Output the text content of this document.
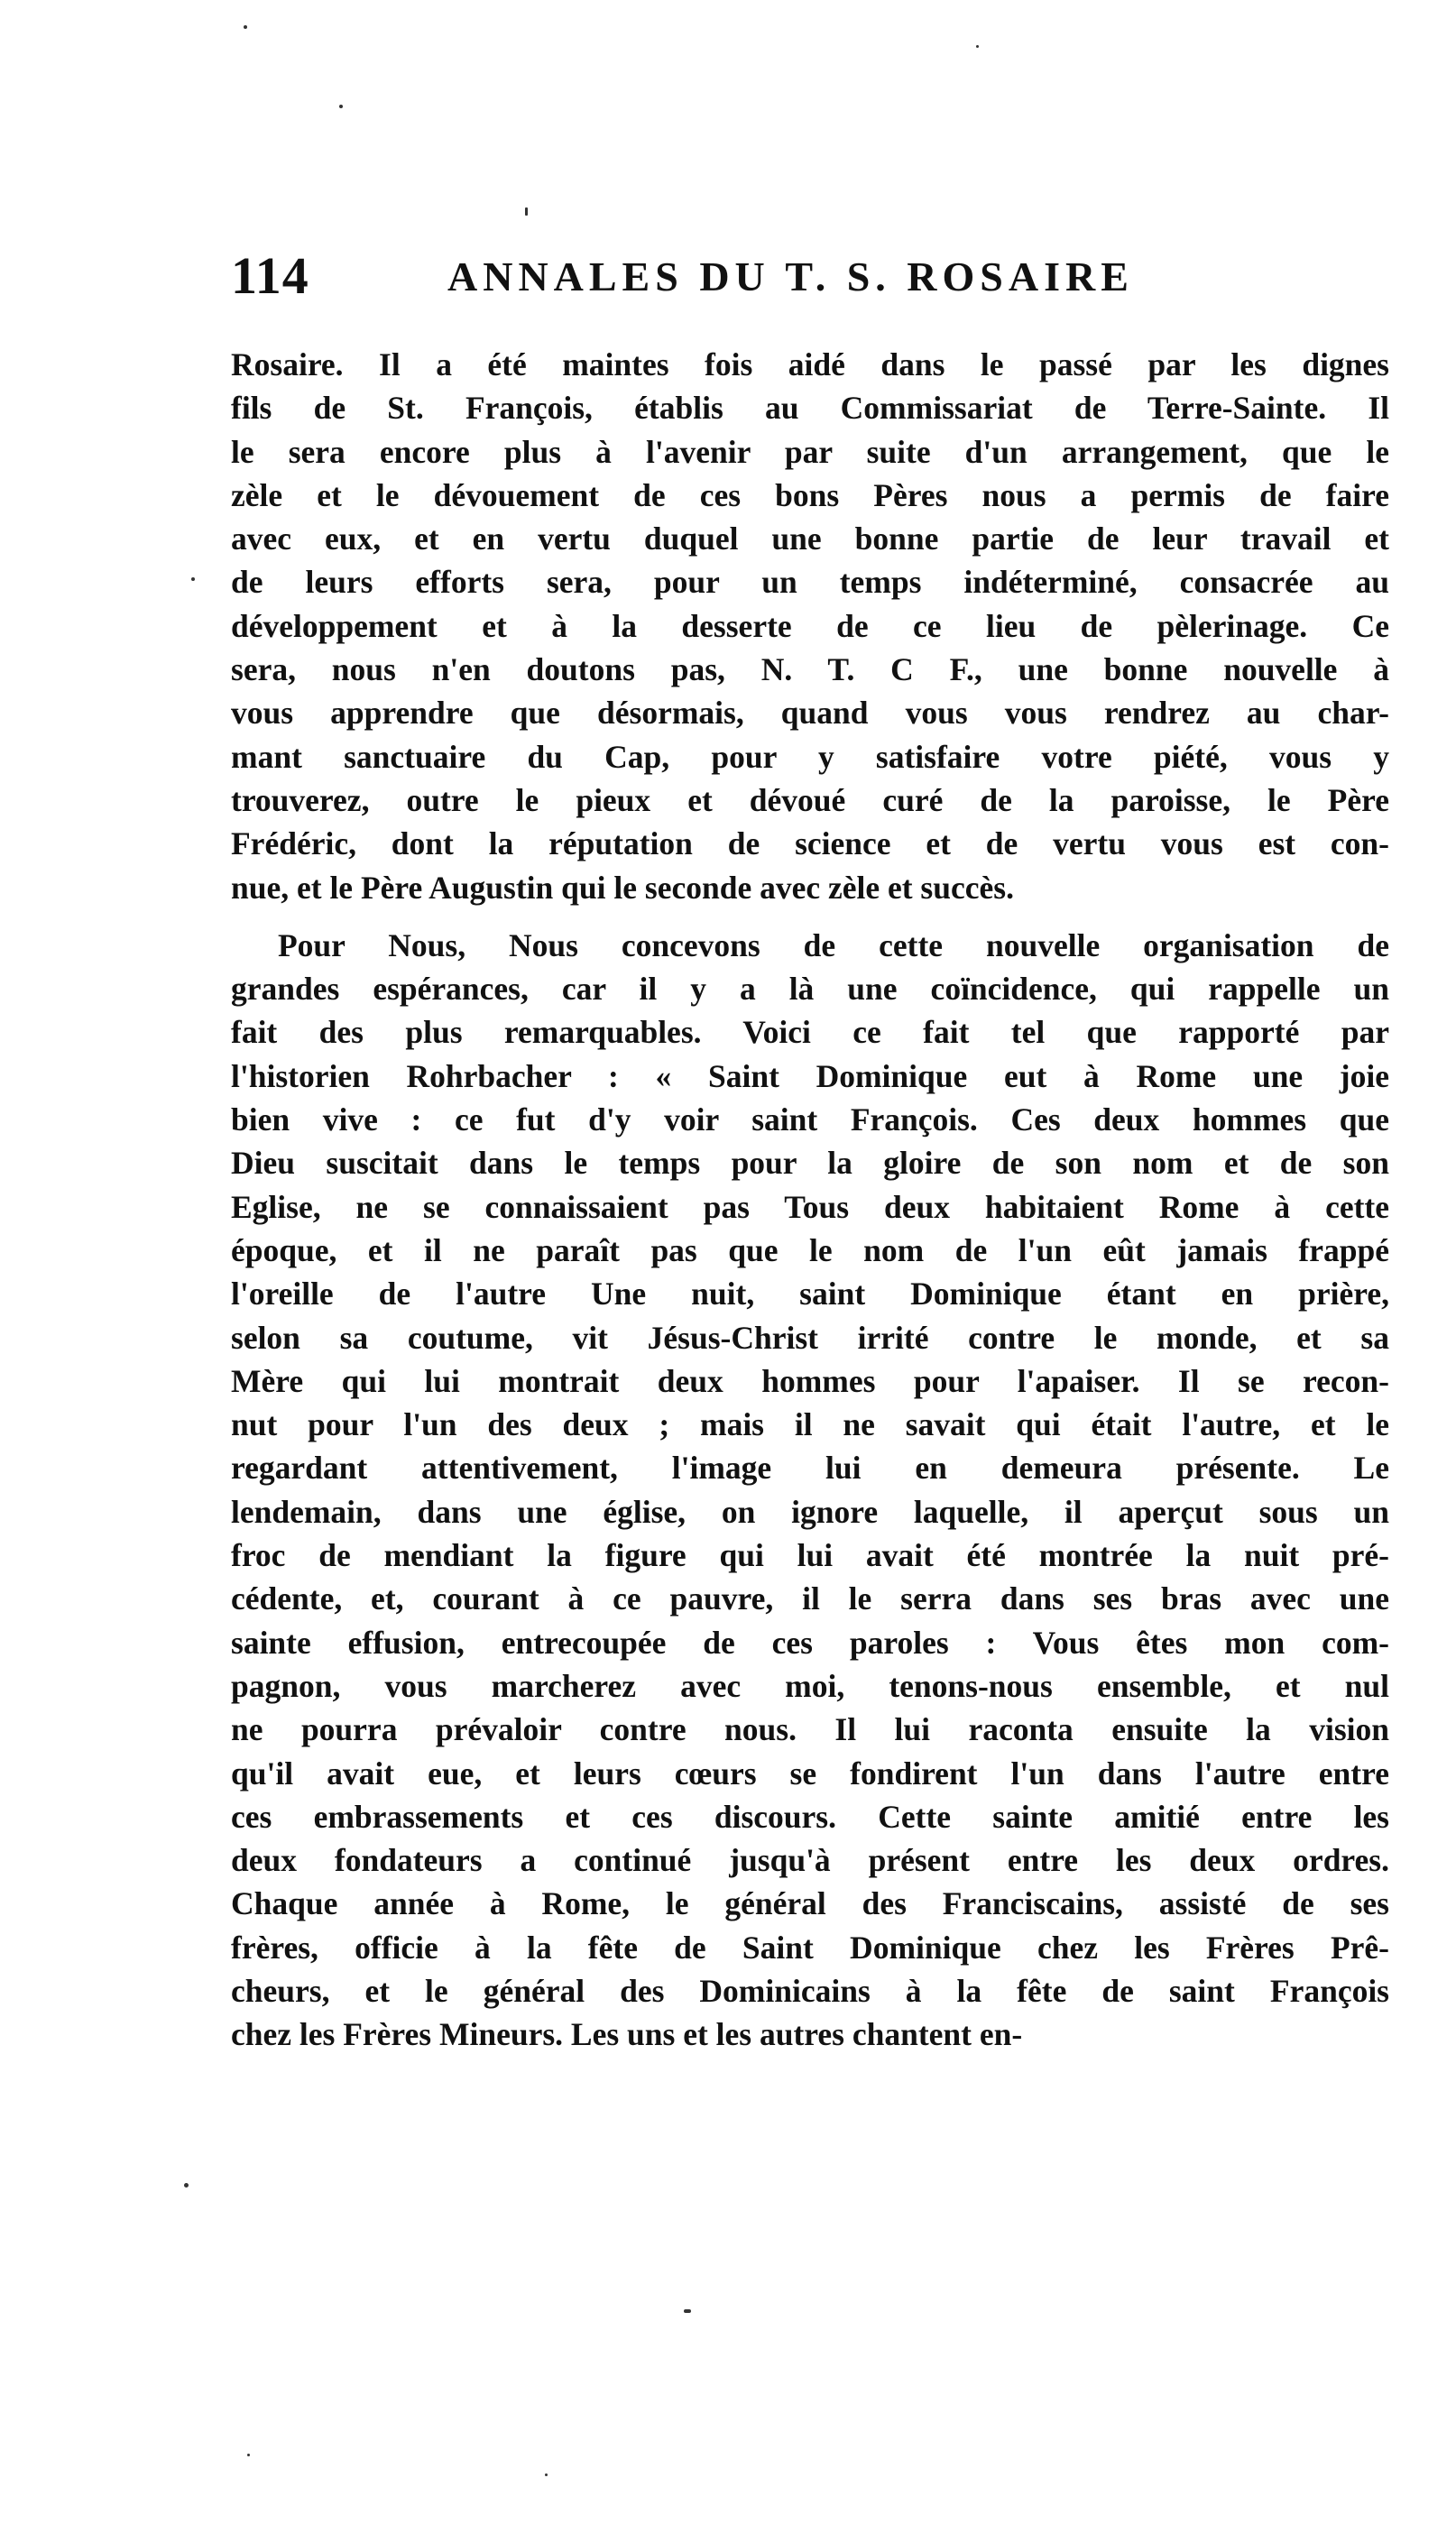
114	ANNALES DU T. S. ROSAIRE
Rosaire. Il a été maintes fois aidé dans le passé par les dignes
fils de St. François, établis au Commissariat de Terre-Sainte. Il
le sera encore plus à l'avenir par suite d'un arrangement, que le
zèle et le dévouement de ces bons Pères nous a permis de faire
avec eux, et en vertu duquel une bonne partie de leur travail et
de leurs efforts sera, pour un temps indéterminé, consacrée au
développement et à la desserte de ce lieu de pèlerinage. Ce
sera, nous n'en doutons pas, N. T. C F., une bonne nouvelle à
vous apprendre que désormais, quand vous vous rendrez au char-
mant sanctuaire du Cap, pour y satisfaire votre piété, vous y
trouverez, outre le pieux et dévoué curé de la paroisse, le Père
Frédéric, dont la réputation de science et de vertu vous est con-
nue, et le Père Augustin qui le seconde avec zèle et succès.
Pour Nous, Nous concevons de cette nouvelle organisation de
grandes espérances, car il y a là une coïncidence, qui rappelle un
fait des plus remarquables. Voici ce fait tel que rapporté par
l'historien Rohrbacher : « Saint Dominique eut à Rome une joie
bien vive : ce fut d'y voir saint François. Ces deux hommes que
Dieu suscitait dans le temps pour la gloire de son nom et de son
Eglise, ne se connaissaient pas Tous deux habitaient Rome à cette
époque, et il ne paraît pas que le nom de l'un eût jamais frappé
l'oreille de l'autre Une nuit, saint Dominique étant en prière,
selon sa coutume, vit Jésus-Christ irrité contre le monde, et sa
Mère qui lui montrait deux hommes pour l'apaiser. Il se recon-
nut pour l'un des deux ; mais il ne savait qui était l'autre, et le
regardant attentivement, l'image lui en demeura présente. Le
lendemain, dans une église, on ignore laquelle, il aperçut sous un
froc de mendiant la figure qui lui avait été montrée la nuit pré-
cédente, et, courant à ce pauvre, il le serra dans ses bras avec une
sainte effusion, entrecoupée de ces paroles : Vous êtes mon com-
pagnon, vous marcherez avec moi, tenons-nous ensemble, et nul
ne pourra prévaloir contre nous. Il lui raconta ensuite la vision
qu'il avait eue, et leurs cœurs se fondirent l'un dans l'autre entre
ces embrassements et ces discours. Cette sainte amitié entre les
deux fondateurs a continué jusqu'à présent entre les deux ordres.
Chaque année à Rome, le général des Franciscains, assisté de ses
frères, officie à la fête de Saint Dominique chez les Frères Prê-
cheurs, et le général des Dominicains à la fête de saint François
chez les Frères Mineurs. Les uns et les autres chantent en-
